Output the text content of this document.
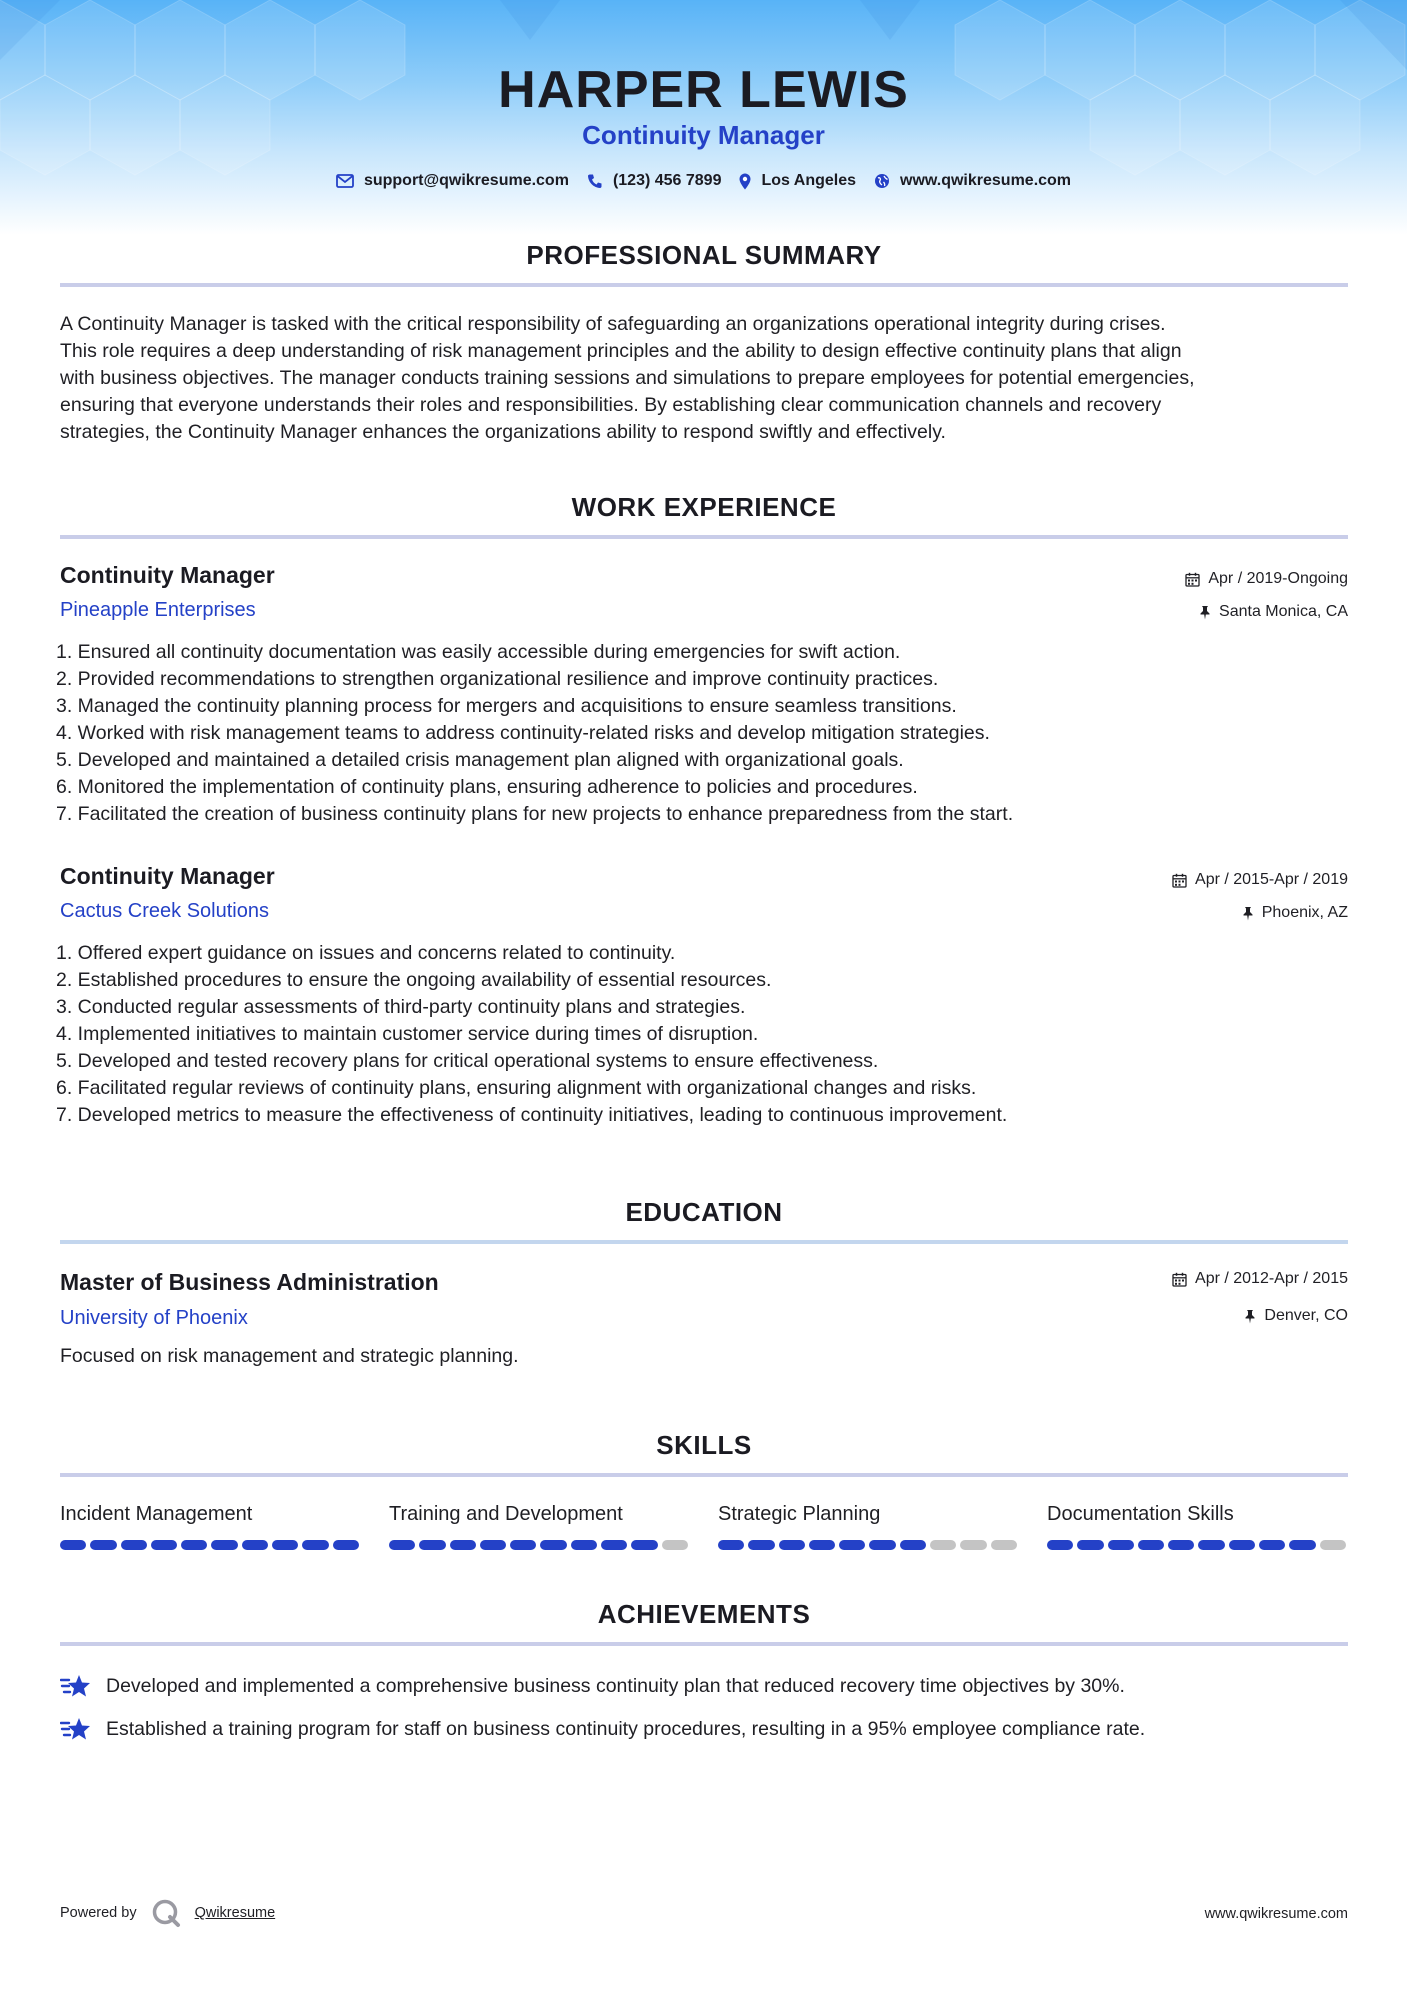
HARPER LEWIS
Continuity Manager
support@qwikresume.com	(123) 456 7899	Los Angeles	www.qwikresume.com
PROFESSIONAL SUMMARY
A Continuity Manager is tasked with the critical responsibility of safeguarding an organizations operational integrity during crises.
This role requires a deep understanding of risk management principles and the ability to design effective continuity plans that align
with business objectives. The manager conducts training sessions and simulations to prepare employees for potential emergencies,
ensuring that everyone understands their roles and responsibilities. By establishing clear communication channels and recovery
strategies, the Continuity Manager enhances the organizations ability to respond swiftly and effectively.
WORK EXPERIENCE
Continuity Manager
Pineapple Enterprises
Apr / 2019-Ongoing
Santa Monica, CA
1. Ensured all continuity documentation was easily accessible during emergencies for swift action.
2. Provided recommendations to strengthen organizational resilience and improve continuity practices.
3. Managed the continuity planning process for mergers and acquisitions to ensure seamless transitions.
4. Worked with risk management teams to address continuity-related risks and develop mitigation strategies.
5. Developed and maintained a detailed crisis management plan aligned with organizational goals.
6. Monitored the implementation of continuity plans, ensuring adherence to policies and procedures.
7. Facilitated the creation of business continuity plans for new projects to enhance preparedness from the start.
Continuity Manager
Cactus Creek Solutions
Apr / 2015-Apr / 2019
Phoenix, AZ
1. Offered expert guidance on issues and concerns related to continuity.
2. Established procedures to ensure the ongoing availability of essential resources.
3. Conducted regular assessments of third-party continuity plans and strategies.
4. Implemented initiatives to maintain customer service during times of disruption.
5. Developed and tested recovery plans for critical operational systems to ensure effectiveness.
6. Facilitated regular reviews of continuity plans, ensuring alignment with organizational changes and risks.
7. Developed metrics to measure the effectiveness of continuity initiatives, leading to continuous improvement.
EDUCATION
Master of Business Administration
University of Phoenix
Apr / 2012-Apr / 2015
Denver, CO
Focused on risk management and strategic planning.
SKILLS
Incident Management	Training and Development	Strategic Planning	Documentation Skills
ACHIEVEMENTS
Developed and implemented a comprehensive business continuity plan that reduced recovery time objectives by 30%.
Established a training program for staff on business continuity procedures, resulting in a 95% employee compliance rate.
Powered by	Qwikresume	www.qwikresume.com
